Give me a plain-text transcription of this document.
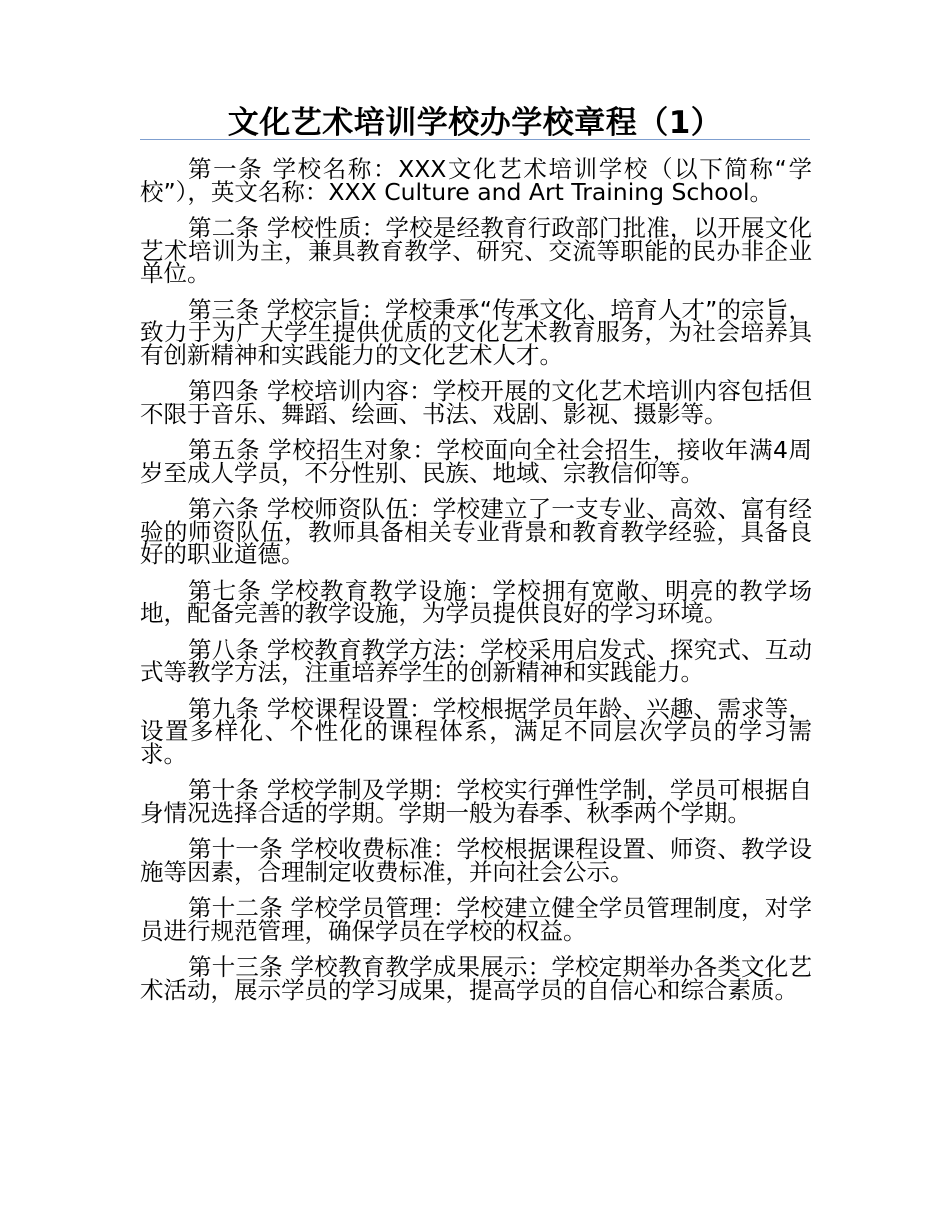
文化艺术培训学校办学校章程（1）

第一条 学校名称：XXX文化艺术培训学校（以下简称“学校”），英文名称：XXX Culture and Art Training School。

第二条 学校性质：学校是经教育行政部门批准，以开展文化艺术培训为主，兼具教育教学、研究、交流等职能的民办非企业单位。

第三条 学校宗旨：学校秉承“传承文化、培育人才”的宗旨，致力于为广大学生提供优质的文化艺术教育服务，为社会培养具有创新精神和实践能力的文化艺术人才。

第四条 学校培训内容：学校开展的文化艺术培训内容包括但不限于音乐、舞蹈、绘画、书法、戏剧、影视、摄影等。

第五条 学校招生对象：学校面向全社会招生，接收年满4周岁至成人学员，不分性别、民族、地域、宗教信仰等。

第六条 学校师资队伍：学校建立了一支专业、高效、富有经验的师资队伍，教师具备相关专业背景和教育教学经验，具备良好的职业道德。

第七条 学校教育教学设施：学校拥有宽敞、明亮的教学场地，配备完善的教学设施，为学员提供良好的学习环境。

第八条 学校教育教学方法：学校采用启发式、探究式、互动式等教学方法，注重培养学生的创新精神和实践能力。

第九条 学校课程设置：学校根据学员年龄、兴趣、需求等，设置多样化、个性化的课程体系，满足不同层次学员的学习需求。

第十条 学校学制及学期：学校实行弹性学制，学员可根据自身情况选择合适的学期。学期一般为春季、秋季两个学期。

第十一条 学校收费标准：学校根据课程设置、师资、教学设施等因素，合理制定收费标准，并向社会公示。

第十二条 学校学员管理：学校建立健全学员管理制度，对学员进行规范管理，确保学员在学校的权益。

第十三条 学校教育教学成果展示：学校定期举办各类文化艺术活动，展示学员的学习成果，提高学员的自信心和综合素质。
